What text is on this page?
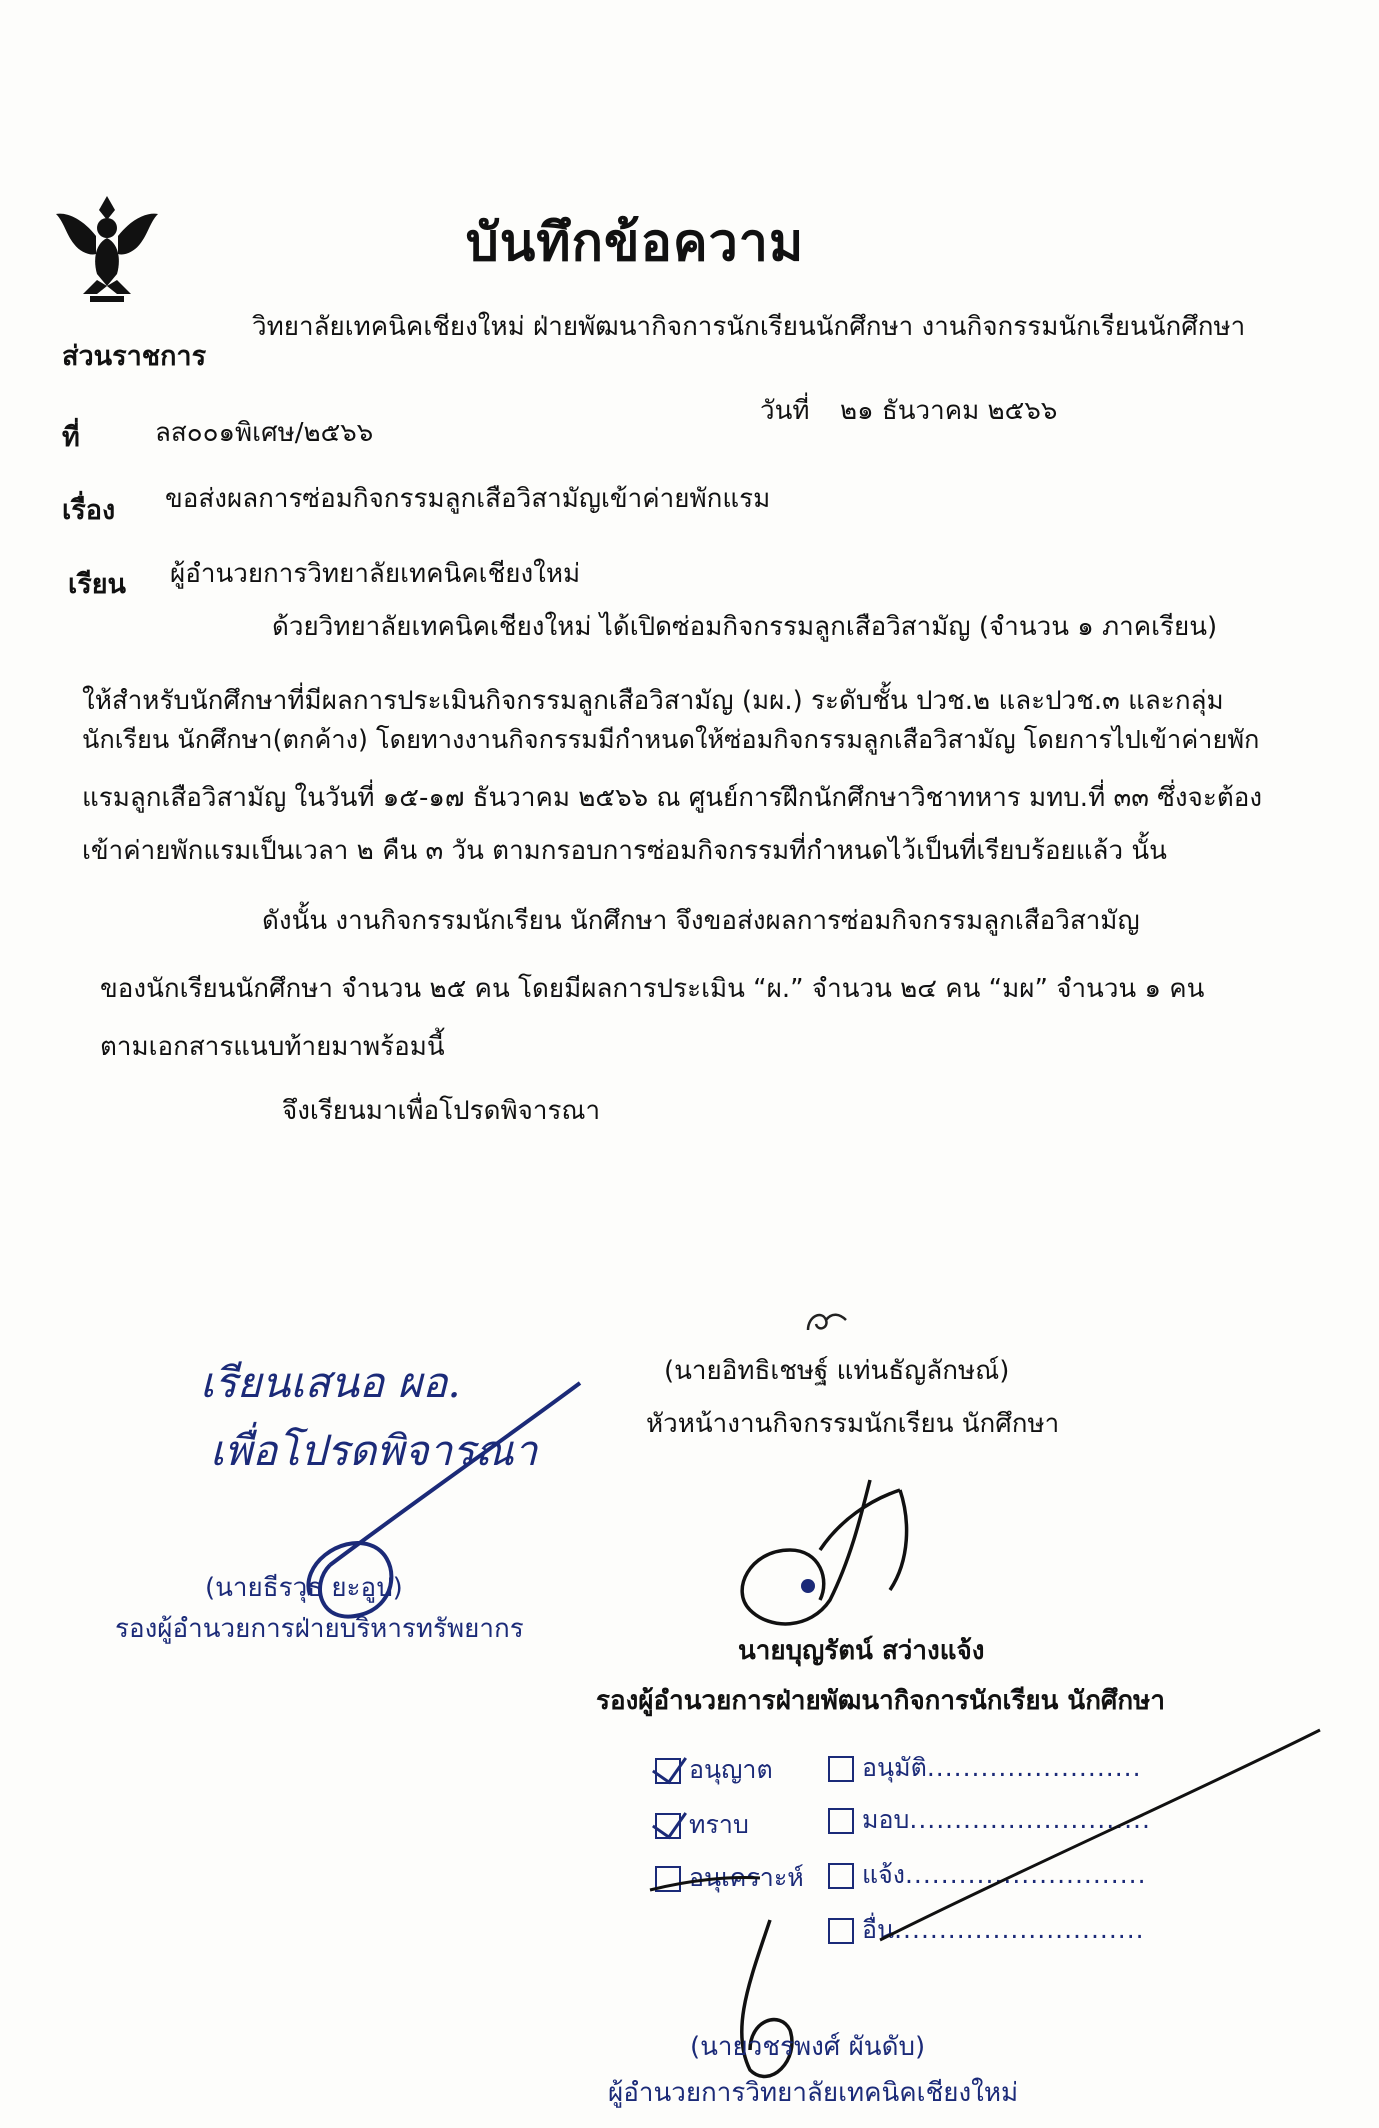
บันทึกข้อความ
ส่วนราชการ
วิทยาลัยเทคนิคเชียงใหม่ ฝ่ายพัฒนากิจการนักเรียนนักศึกษา งานกิจกรรมนักเรียนนักศึกษา
ที่	ลส๐๐๑พิเศษ/๒๕๖๖
วันที่ ๒๑ ธันวาคม ๒๕๖๖
เรื่อง ขอส่งผลการซ่อมกิจกรรมลูกเสือวิสามัญเข้าค่ายพักแรม
เรียน ผู้อำนวยการวิทยาลัยเทคนิคเชียงใหม่
ด้วยวิทยาลัยเทคนิคเชียงใหม่ ได้เปิดซ่อมกิจกรรมลูกเสือวิสามัญ (จำนวน ๑ ภาคเรียน)
ให้สำหรับนักศึกษาที่มีผลการประเมินกิจกรรมลูกเสือวิสามัญ (มผ.) ระดับชั้น ปวช.๒ และปวช.๓ และกลุ่ม
นักเรียน นักศึกษา(ตกค้าง) โดยทางงานกิจกรรมมีกำหนดให้ซ่อมกิจกรรมลูกเสือวิสามัญ โดยการไปเข้าค่ายพัก
แรมลูกเสือวิสามัญ ในวันที่ ๑๕-๑๗ ธันวาคม ๒๕๖๖ ณ ศูนย์การฝึกนักศึกษาวิชาทหาร มทบ.ที่ ๓๓ ซึ่งจะต้อง
เข้าค่ายพักแรมเป็นเวลา ๒ คืน ๓ วัน ตามกรอบการซ่อมกิจกรรมที่กำหนดไว้เป็นที่เรียบร้อยแล้ว นั้น
ดังนั้น งานกิจกรรมนักเรียน นักศึกษา จึงขอส่งผลการซ่อมกิจกรรมลูกเสือวิสามัญ
ของนักเรียนนักศึกษา จำนวน ๒๕ คน โดยมีผลการประเมิน “ผ.” จำนวน ๒๔ คน “มผ” จำนวน ๑ คน
ตามเอกสารแนบท้ายมาพร้อมนี้
จึงเรียนมาเพื่อโปรดพิจารณา
(นายอิทธิเชษฐ์ แท่นธัญลักษณ์)
หัวหน้างานกิจกรรมนักเรียน นักศึกษา
เรียนเสนอ ผอ.
เพื่อโปรดพิจารณา
(นายธีรวุธ ยะอูป)
รองผู้อำนวยการฝ่ายบริหารทรัพยากร
นายบุญรัตน์ สว่างแจ้ง
รองผู้อำนวยการฝ่ายพัฒนากิจการนักเรียน นักศึกษา
อนุญาต
ทราบ
อนุเคราะห์
อนุมัติ........................
มอบ...........................
แจ้ง...........................
อื่น............................
(นายวชรพงศ์ ผันดับ)
ผู้อำนวยการวิทยาลัยเทคนิคเชียงใหม่
